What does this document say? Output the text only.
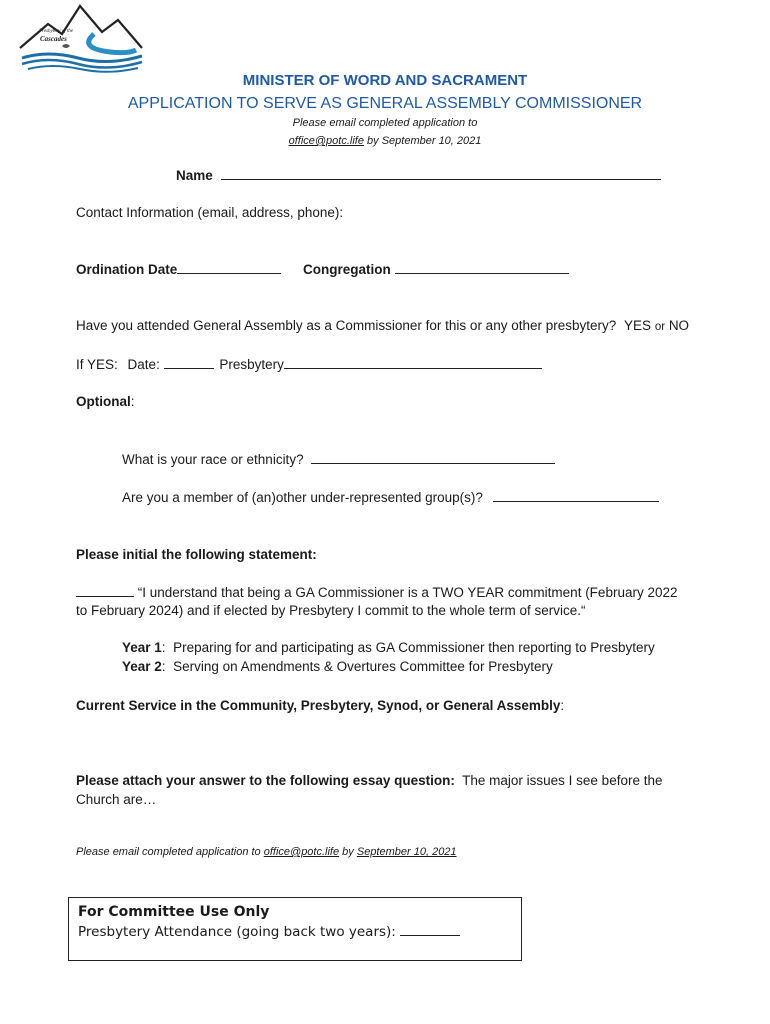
Presbytery of the
Cascades
MINISTER OF WORD AND SACRAMENT
APPLICATION TO SERVE AS GENERAL ASSEMBLY COMMISSIONER
Please email completed application to
office@potc.life by September 10, 2021
Name
Contact Information (email, address, phone):
Ordination Date	Congregation
Have you attended General Assembly as a Commissioner for this or any other presbytery? YES or NO
If YES: Date:	Presbytery
Optional:
What is your race or ethnicity?
Are you a member of (an)other under-represented group(s)?
Please initial the following statement:
“I understand that being a GA Commissioner is a TWO YEAR commitment (February 2022
to February 2024) and if elected by Presbytery I commit to the whole term of service.“
Year 1:  Preparing for and participating as GA Commissioner then reporting to Presbytery
Year 2:  Serving on Amendments & Overtures Committee for Presbytery
Current Service in the Community, Presbytery, Synod, or General Assembly:
Please attach your answer to the following essay question: The major issues I see before the
Church are…
Please email completed application to office@potc.life by September 10, 2021
For Committee Use Only
Presbytery Attendance (going back two years):
